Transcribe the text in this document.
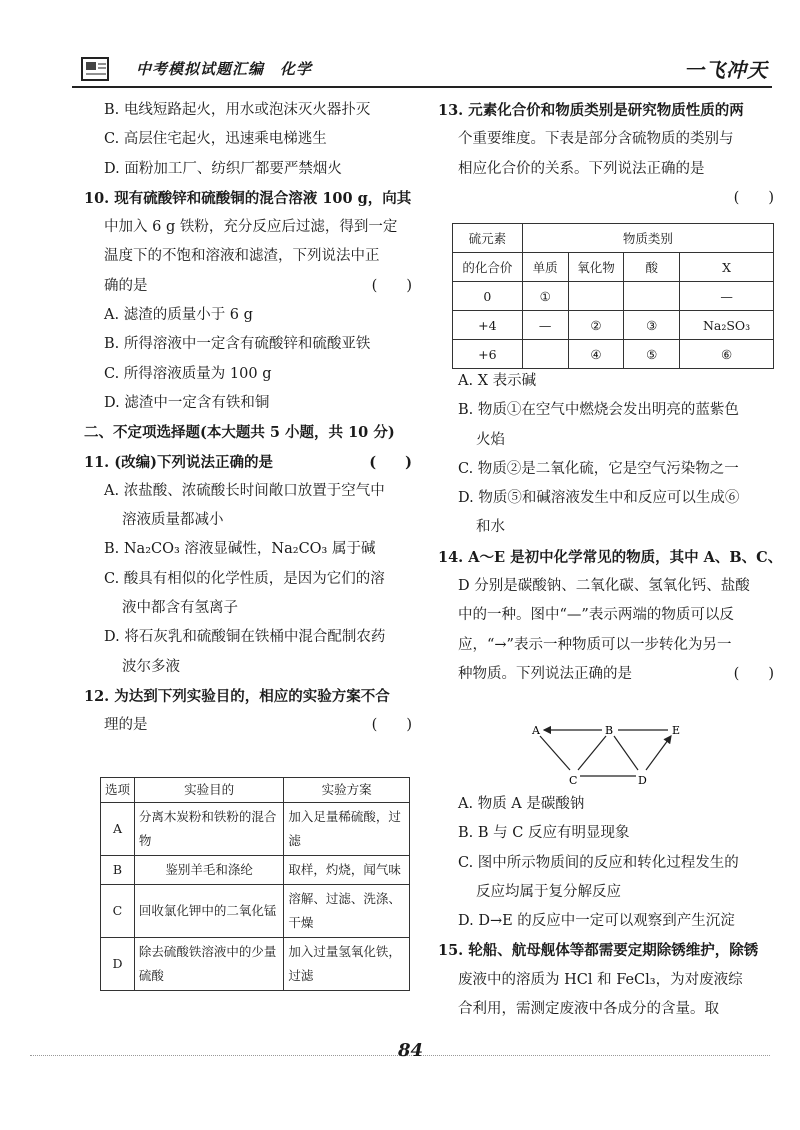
中考模拟试题汇编　化学	一飞冲天
B. 电线短路起火，用水或泡沫灭火器扑灭
C. 高层住宅起火，迅速乘电梯逃生
D. 面粉加工厂、纺织厂都要严禁烟火
10. 现有硫酸锌和硫酸铜的混合溶液 100 g，向其
中加入 6 g 铁粉，充分反应后过滤，得到一定
温度下的不饱和溶液和滤渣，下列说法中正
确的是	(　　)
A. 滤渣的质量小于 6 g
B. 所得溶液中一定含有硫酸锌和硫酸亚铁
C. 所得溶液质量为 100 g
D. 滤渣中一定含有铁和铜
二、不定项选择题(本大题共 5 小题，共 10 分)
11. (改编)下列说法正确的是	(　　)
A. 浓盐酸、浓硫酸长时间敞口放置于空气中
溶液质量都减小
B. Na₂CO₃ 溶液显碱性，Na₂CO₃ 属于碱
C. 酸具有相似的化学性质，是因为它们的溶
液中都含有氢离子
D. 将石灰乳和硫酸铜在铁桶中混合配制农药
波尔多液
12. 为达到下列实验目的，相应的实验方案不合
理的是	(　　)
选项	实验目的	实验方案
A	分离木炭粉和铁粉的混合物	加入足量稀硫酸，过滤
B	鉴别羊毛和涤纶	取样，灼烧，闻气味
C	回收氯化钾中的二氧化锰	溶解、过滤、洗涤、干燥
D	除去硫酸铁溶液中的少量硫酸	加入过量氢氧化铁，过滤
13. 元素化合价和物质类别是研究物质性质的两
个重要维度。下表是部分含硫物质的类别与
相应化合价的关系。下列说法正确的是
(　　)

硫元素	物质类别			
的化合价	单质	氧化物	酸	X
0	①			—
+4	—	②	③	Na₂SO₃
+6		④	⑤	⑥
A. X 表示碱
B. 物质①在空气中燃烧会发出明亮的蓝紫色
火焰
C. 物质②是二氧化硫，它是空气污染物之一
D. 物质⑤和碱溶液发生中和反应可以生成⑥
和水
14. A～E 是初中化学常见的物质，其中 A、B、C、
D 分别是碳酸钠、二氧化碳、氢氧化钙、盐酸
中的一种。图中“—”表示两端的物质可以反
应，“→”表示一种物质可以一步转化为另一
种物质。下列说法正确的是	(　　)
A	B	E
C	D
A. 物质 A 是碳酸钠
B. B 与 C 反应有明显现象
C. 图中所示物质间的反应和转化过程发生的
反应均属于复分解反应
D. D→E 的反应中一定可以观察到产生沉淀
15. 轮船、航母舰体等都需要定期除锈维护，除锈
废液中的溶质为 HCl 和 FeCl₃，为对废液综
合利用，需测定废液中各成分的含量。取
84
